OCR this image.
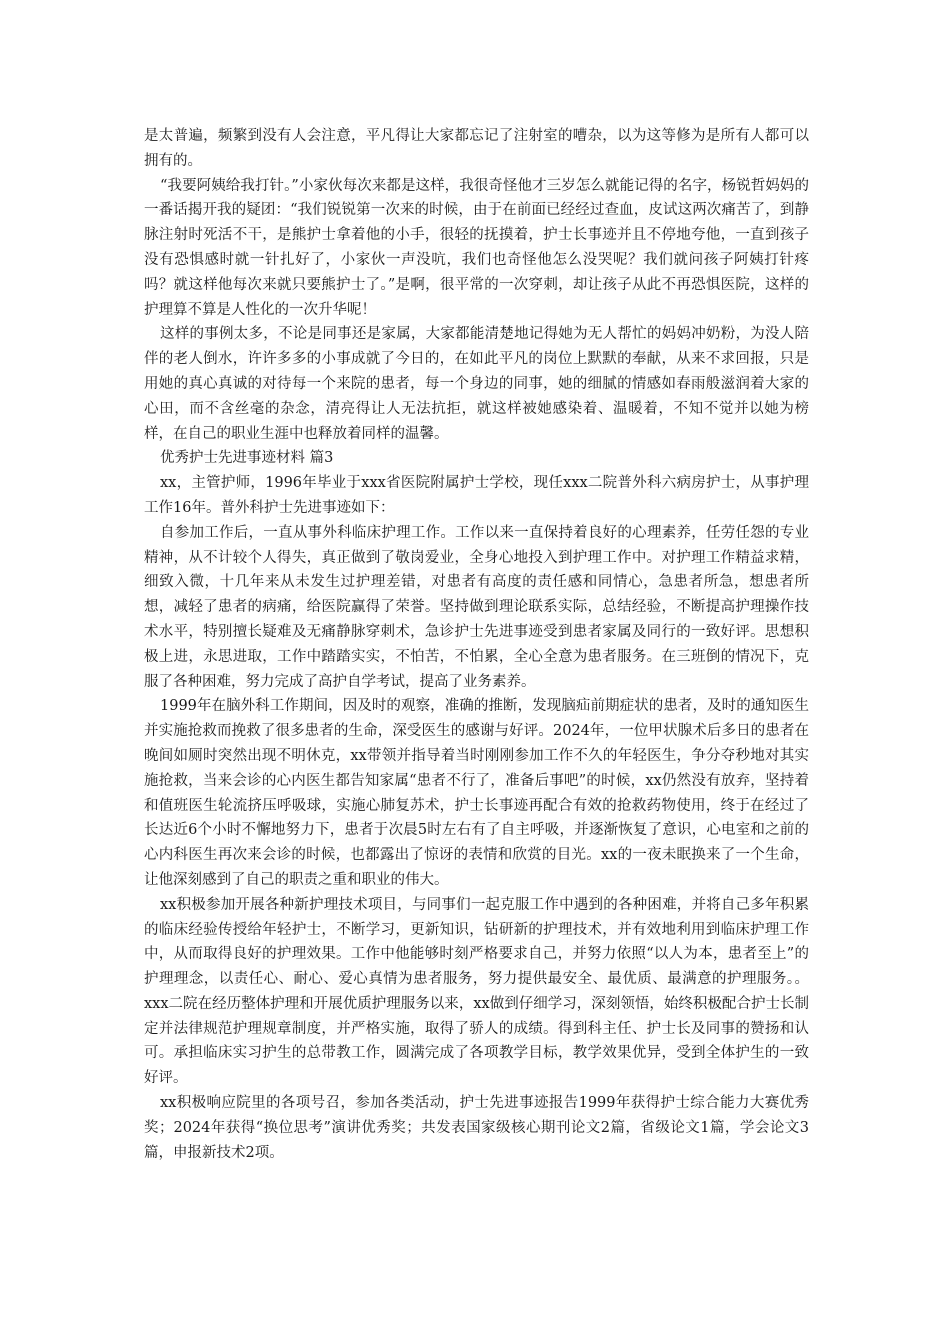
是太普遍，频繁到没有人会注意，平凡得让大家都忘记了注射室的嘈杂，以为这等修为是所有人都可以拥有的。

“我要阿姨给我打针。”小家伙每次来都是这样，我很奇怪他才三岁怎么就能记得的名字，杨锐哲妈妈的一番话揭开我的疑团：“我们锐锐第一次来的时候，由于在前面已经经过查血，皮试这两次痛苦了，到静脉注射时死活不干，是熊护士拿着他的小手，很轻的抚摸着，护士长事迹并且不停地夸他，一直到孩子没有恐惧感时就一针扎好了，小家伙一声没吭，我们也奇怪他怎么没哭呢？我们就问孩子阿姨打针疼吗？就这样他每次来就只要熊护士了。”是啊，很平常的一次穿刺，却让孩子从此不再恐惧医院，这样的护理算不算是人性化的一次升华呢！

这样的事例太多，不论是同事还是家属，大家都能清楚地记得她为无人帮忙的妈妈冲奶粉，为没人陪伴的老人倒水，许许多多的小事成就了今日的，在如此平凡的岗位上默默的奉献，从来不求回报，只是用她的真心真诚的对待每一个来院的患者，每一个身边的同事，她的细腻的情感如春雨般滋润着大家的心田，而不含丝毫的杂念，清亮得让人无法抗拒，就这样被她感染着、温暖着，不知不觉并以她为榜样，在自己的职业生涯中也释放着同样的温馨。

优秀护士先进事迹材料 篇3

xx，主管护师，1996年毕业于xxx省医院附属护士学校，现任xxx二院普外科六病房护士，从事护理工作16年。普外科护士先进事迹如下：

自参加工作后，一直从事外科临床护理工作。工作以来一直保持着良好的心理素养，任劳任怨的专业精神，从不计较个人得失，真正做到了敬岗爱业，全身心地投入到护理工作中。对护理工作精益求精，细致入微，十几年来从未发生过护理差错，对患者有高度的责任感和同情心，急患者所急，想患者所想，减轻了患者的病痛，给医院赢得了荣誉。坚持做到理论联系实际，总结经验，不断提高护理操作技术水平，特别擅长疑难及无痛静脉穿刺术，急诊护士先进事迹受到患者家属及同行的一致好评。思想积极上进，永思进取，工作中踏踏实实，不怕苦，不怕累，全心全意为患者服务。在三班倒的情况下，克服了各种困难，努力完成了高护自学考试，提高了业务素养。

1999年在脑外科工作期间，因及时的观察，准确的推断，发现脑疝前期症状的患者，及时的通知医生并实施抢救而挽救了很多患者的生命，深受医生的感谢与好评。2024年，一位甲状腺术后多日的患者在晚间如厕时突然出现不明休克，xx带领并指导着当时刚刚参加工作不久的年轻医生，争分夺秒地对其实施抢救，当来会诊的心内医生都告知家属“患者不行了，准备后事吧”的时候，xx仍然没有放弃，坚持着和值班医生轮流挤压呼吸球，实施心肺复苏术，护士长事迹再配合有效的抢救药物使用，终于在经过了长达近6个小时不懈地努力下，患者于次晨5时左右有了自主呼吸，并逐渐恢复了意识，心电室和之前的心内科医生再次来会诊的时候，也都露出了惊讶的表情和欣赏的目光。xx的一夜未眠换来了一个生命，让他深刻感到了自己的职责之重和职业的伟大。

xx积极参加开展各种新护理技术项目，与同事们一起克服工作中遇到的各种困难，并将自己多年积累的临床经验传授给年轻护士，不断学习，更新知识，钻研新的护理技术，并有效地利用到临床护理工作中，从而取得良好的护理效果。工作中他能够时刻严格要求自己，并努力依照“以人为本，患者至上”的护理理念，以责任心、耐心、爱心真情为患者服务，努力提供最安全、最优质、最满意的护理服务。。xxx二院在经历整体护理和开展优质护理服务以来，xx做到仔细学习，深刻领悟，始终积极配合护士长制定并法律规范护理规章制度，并严格实施，取得了骄人的成绩。得到科主任、护士长及同事的赞扬和认可。承担临床实习护生的总带教工作，圆满完成了各项教学目标，教学效果优异，受到全体护生的一致好评。

xx积极响应院里的各项号召，参加各类活动，护士先进事迹报告1999年获得护士综合能力大赛优秀奖；2024年获得“换位思考”演讲优秀奖；共发表国家级核心期刊论文2篇，省级论文1篇，学会论文3篇，申报新技术2项。
